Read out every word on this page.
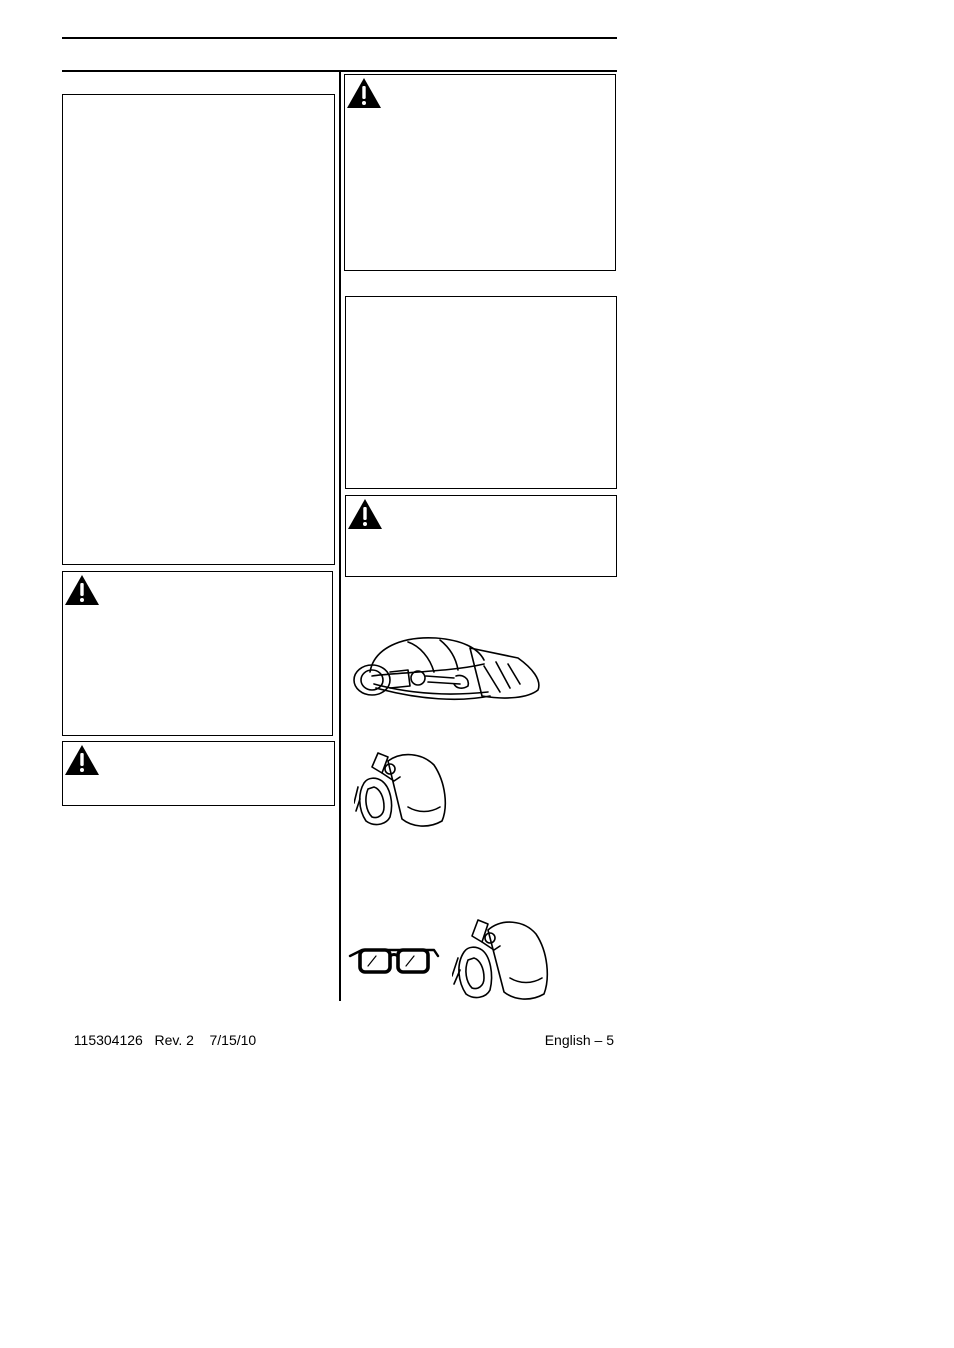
115304126 Rev. 2 7/15/10	English – 5
